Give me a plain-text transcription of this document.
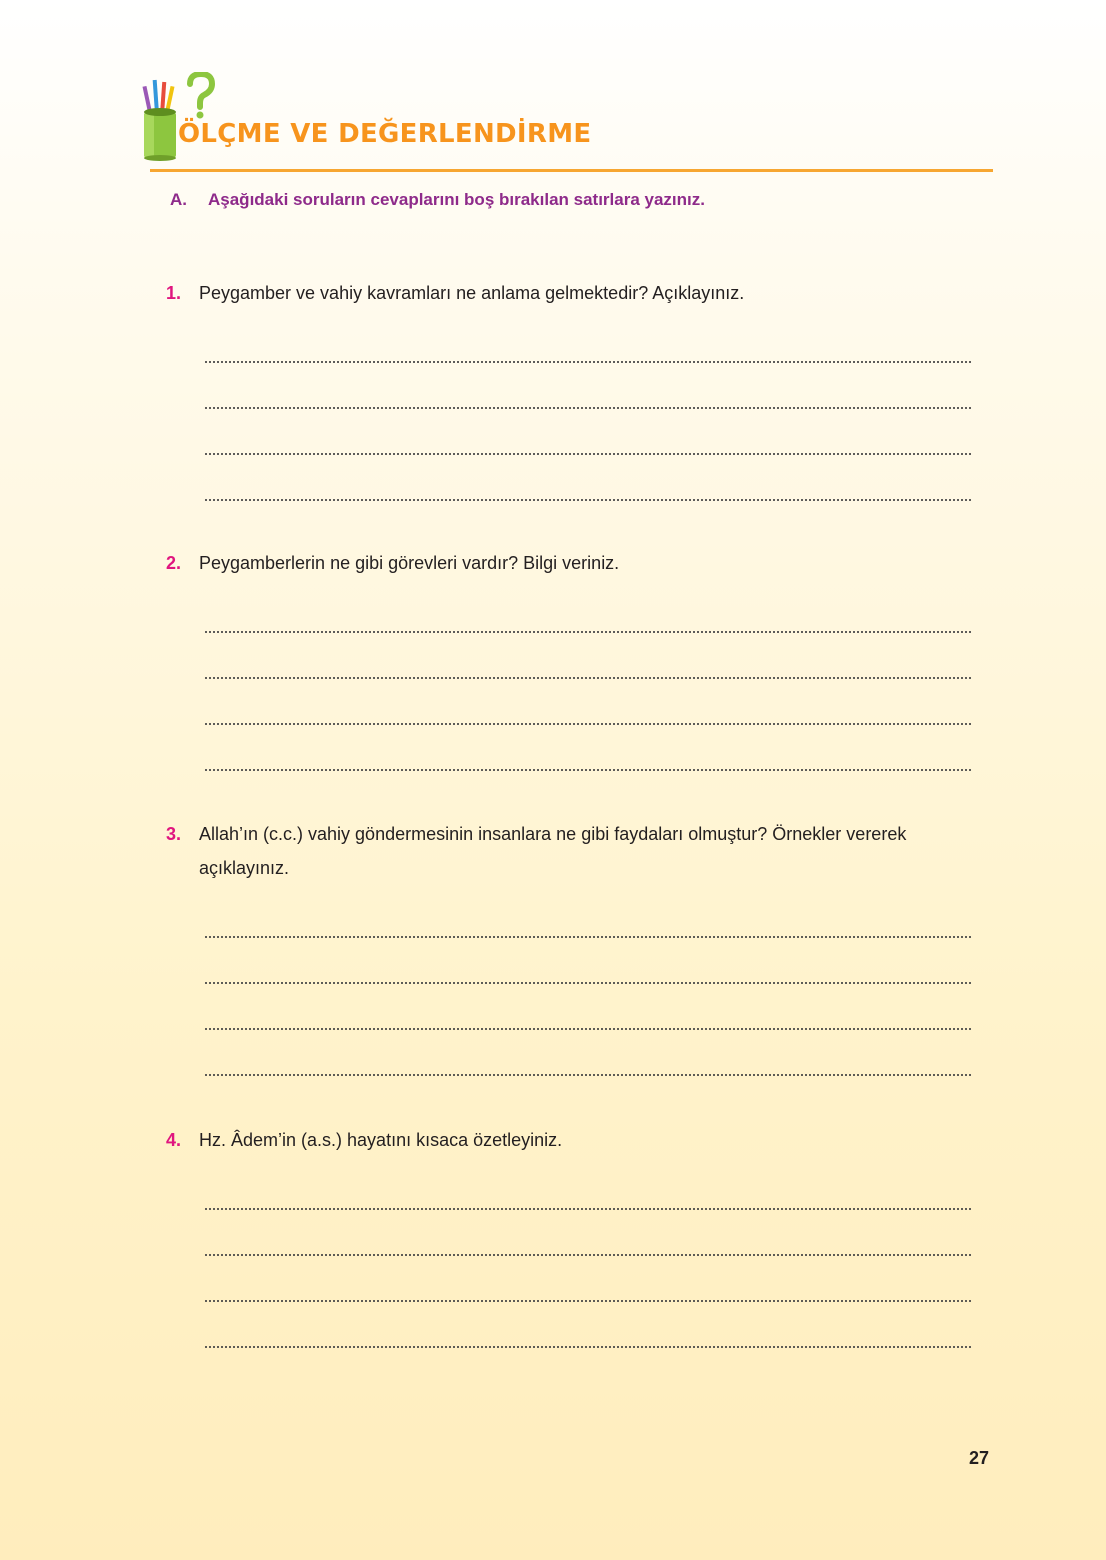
ÖLÇME VE DEĞERLENDİRME

A. Aşağıdaki soruların cevaplarını boş bırakılan satırlara yazınız.

1. Peygamber ve vahiy kavramları ne anlama gelmektedir? Açıklayınız.
2. Peygamberlerin ne gibi görevleri vardır? Bilgi veriniz.
3. Allah’ın (c.c.) vahiy göndermesinin insanlara ne gibi faydaları olmuştur? Örnekler vererek
açıklayınız.
4. Hz. Âdem’in (a.s.) hayatını kısaca özetleyiniz.

27
